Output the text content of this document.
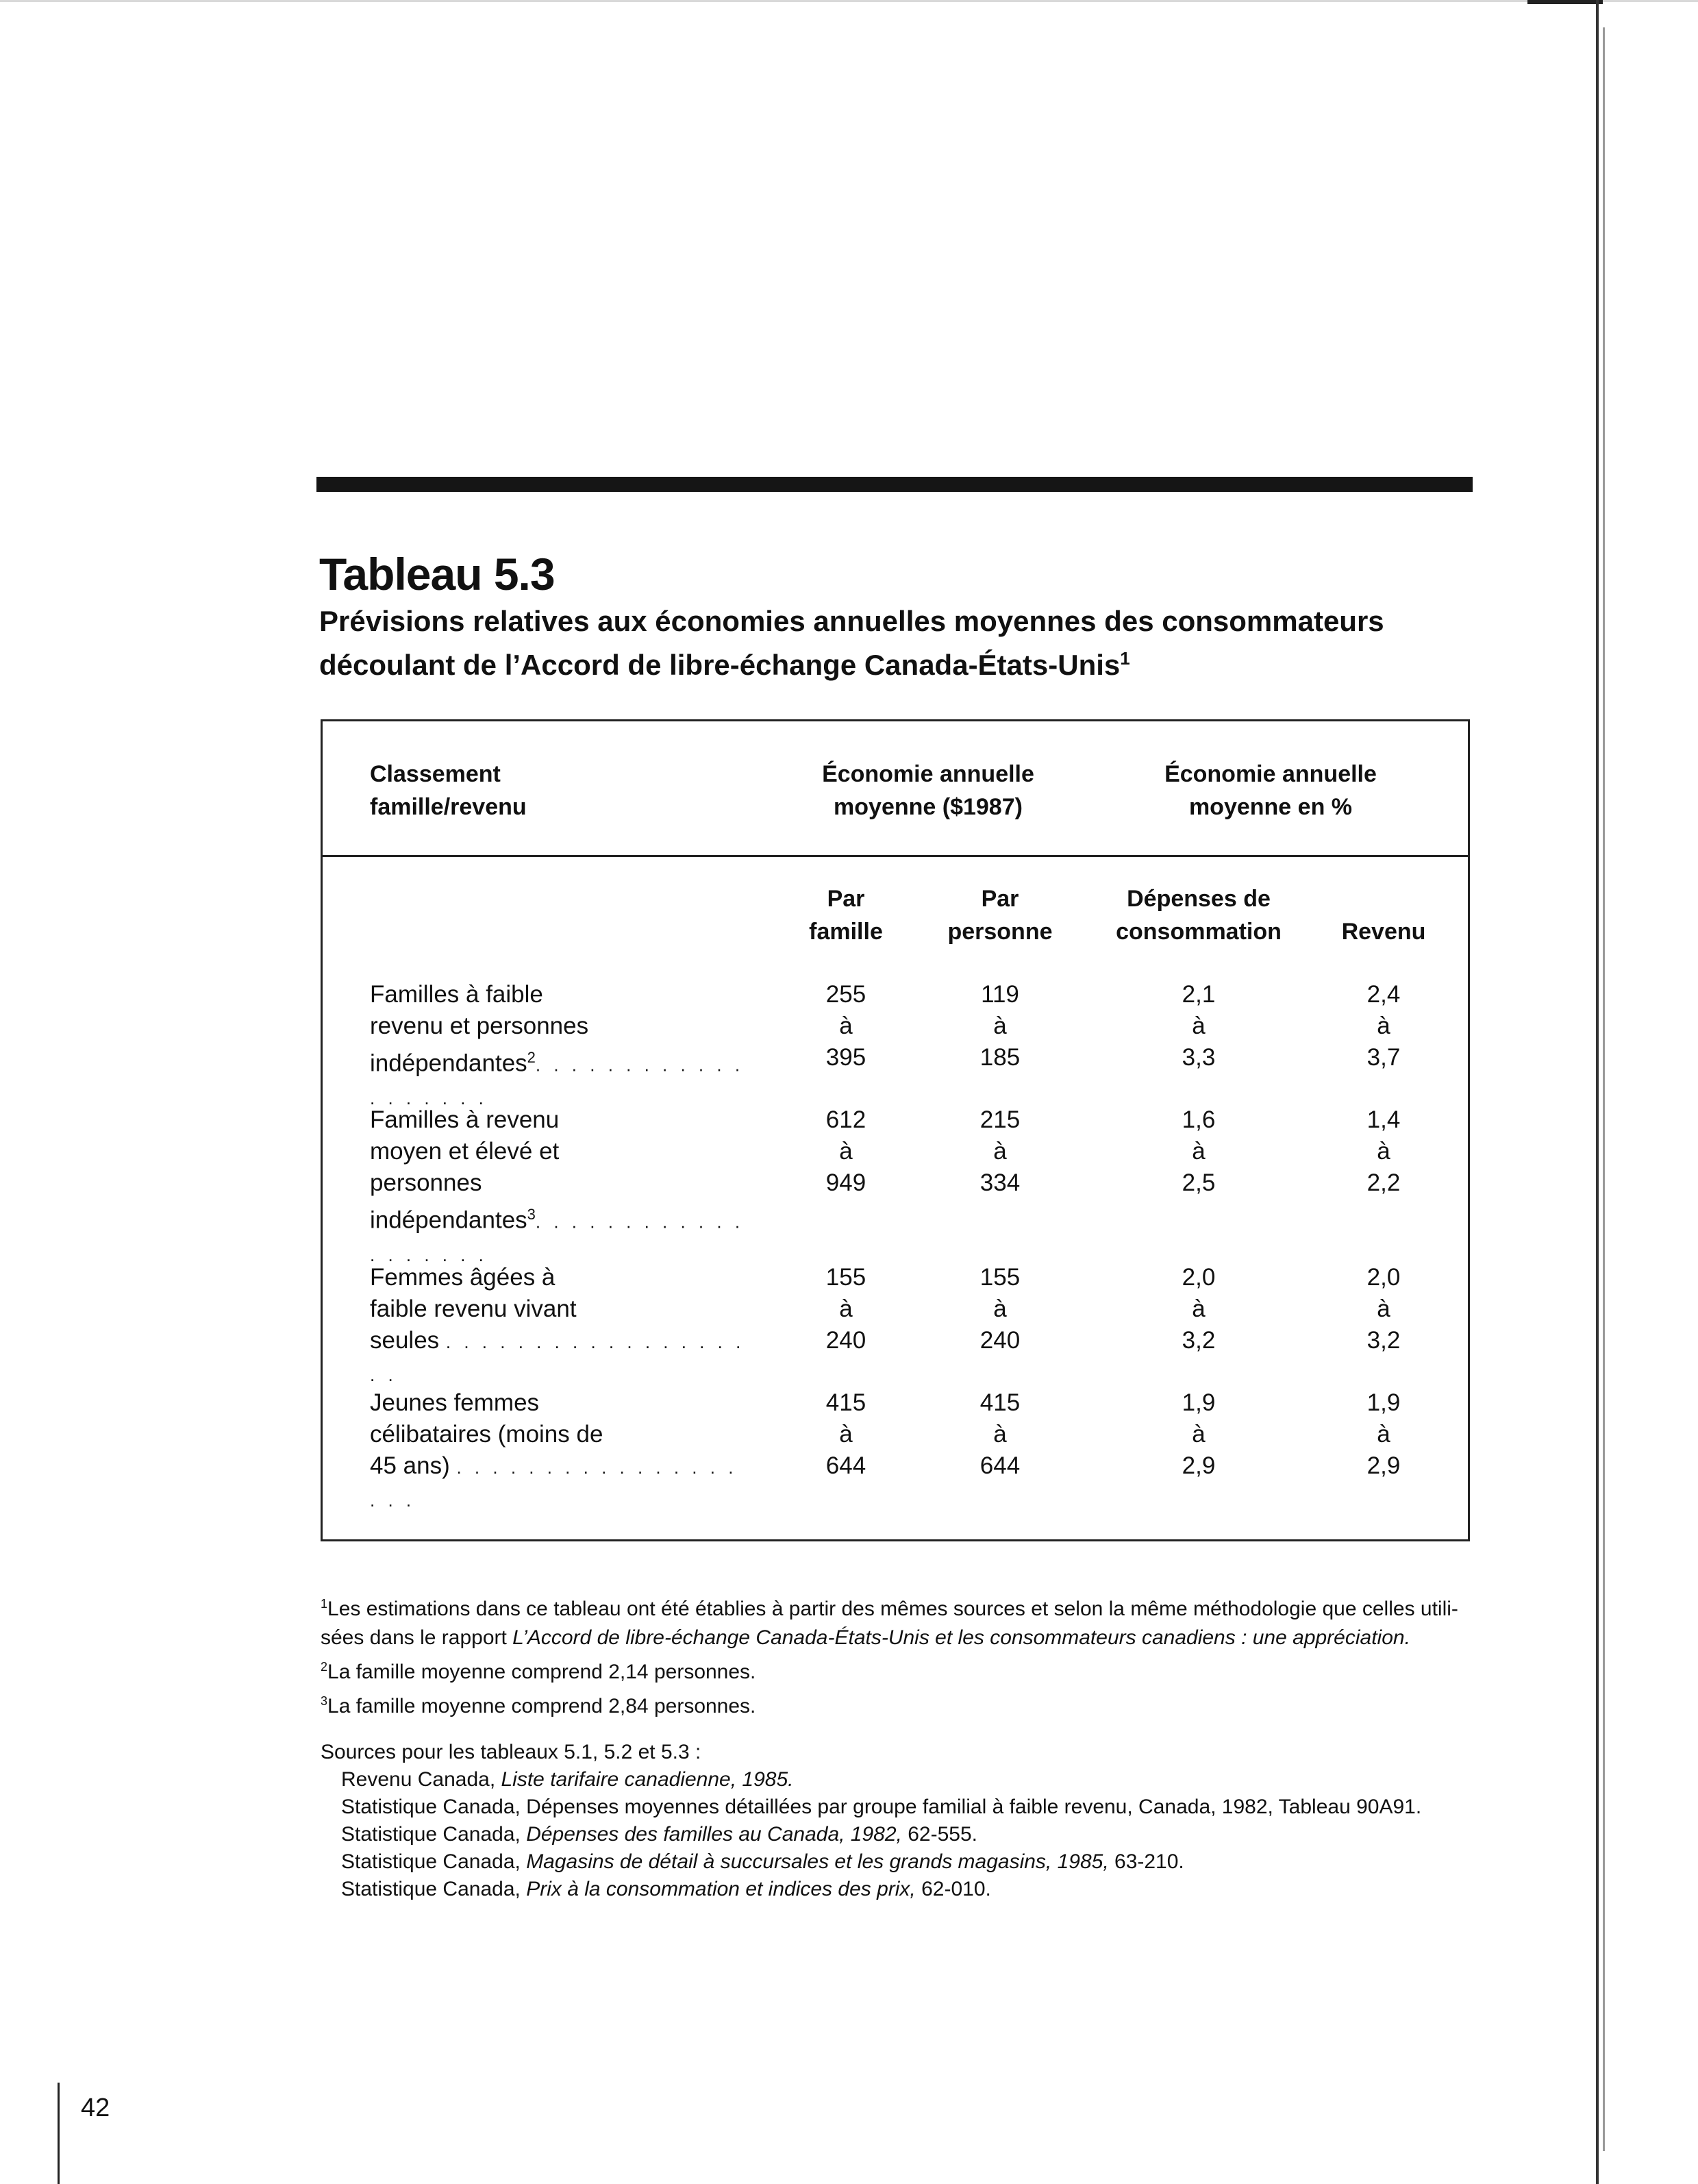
Tableau 5.3
Prévisions relatives aux économies annuelles moyennes des consommateurs
découlant de l’Accord de libre-échange Canada-États-Unis$^1$
Classement
famille/revenu
Économie annuelle
moyenne ($1987)
Économie annuelle
moyenne en %
Par
famille
Par
personne
Dépenses de
consommation	Revenu
Familles à faible
revenu et personnes
indépendantes$^2$. . . . . . . . . . . . . . . . . . .
255
à
395
119
à
185
2,1
à
3,3
2,4
à
3,7
Familles à revenu
moyen et élevé et
personnes
indépendantes$^3$. . . . . . . . . . . . . . . . . . .
612
à
949
215
à
334
1,6
à
2,5
1,4
à
2,2
Femmes âgées à
faible revenu vivant
seules . . . . . . . . . . . . . . . . . . .
155
à
240
155
à
240
2,0
à
3,2
2,0
à
3,2
Jeunes femmes
célibataires (moins de
45 ans) . . . . . . . . . . . . . . . . . . .
415
à
644
415
à
644
1,9
à
2,9
1,9
à
2,9
$^1$Les estimations dans ce tableau ont été établies à partir des mêmes sources et selon la même méthodologie que celles utili-
sées dans le rapport L’Accord de libre-échange Canada-États-Unis et les consommateurs canadiens : une appréciation.
$^2$La famille moyenne comprend 2,14 personnes.
$^3$La famille moyenne comprend 2,84 personnes.
Sources pour les tableaux 5.1, 5.2 et 5.3 :
Revenu Canada, Liste tarifaire canadienne, 1985.
Statistique Canada, Dépenses moyennes détaillées par groupe familial à faible revenu, Canada, 1982, Tableau 90A91.
Statistique Canada, Dépenses des familles au Canada, 1982, 62-555.
Statistique Canada, Magasins de détail à succursales et les grands magasins, 1985, 63-210.
Statistique Canada, Prix à la consommation et indices des prix, 62-010.
42
